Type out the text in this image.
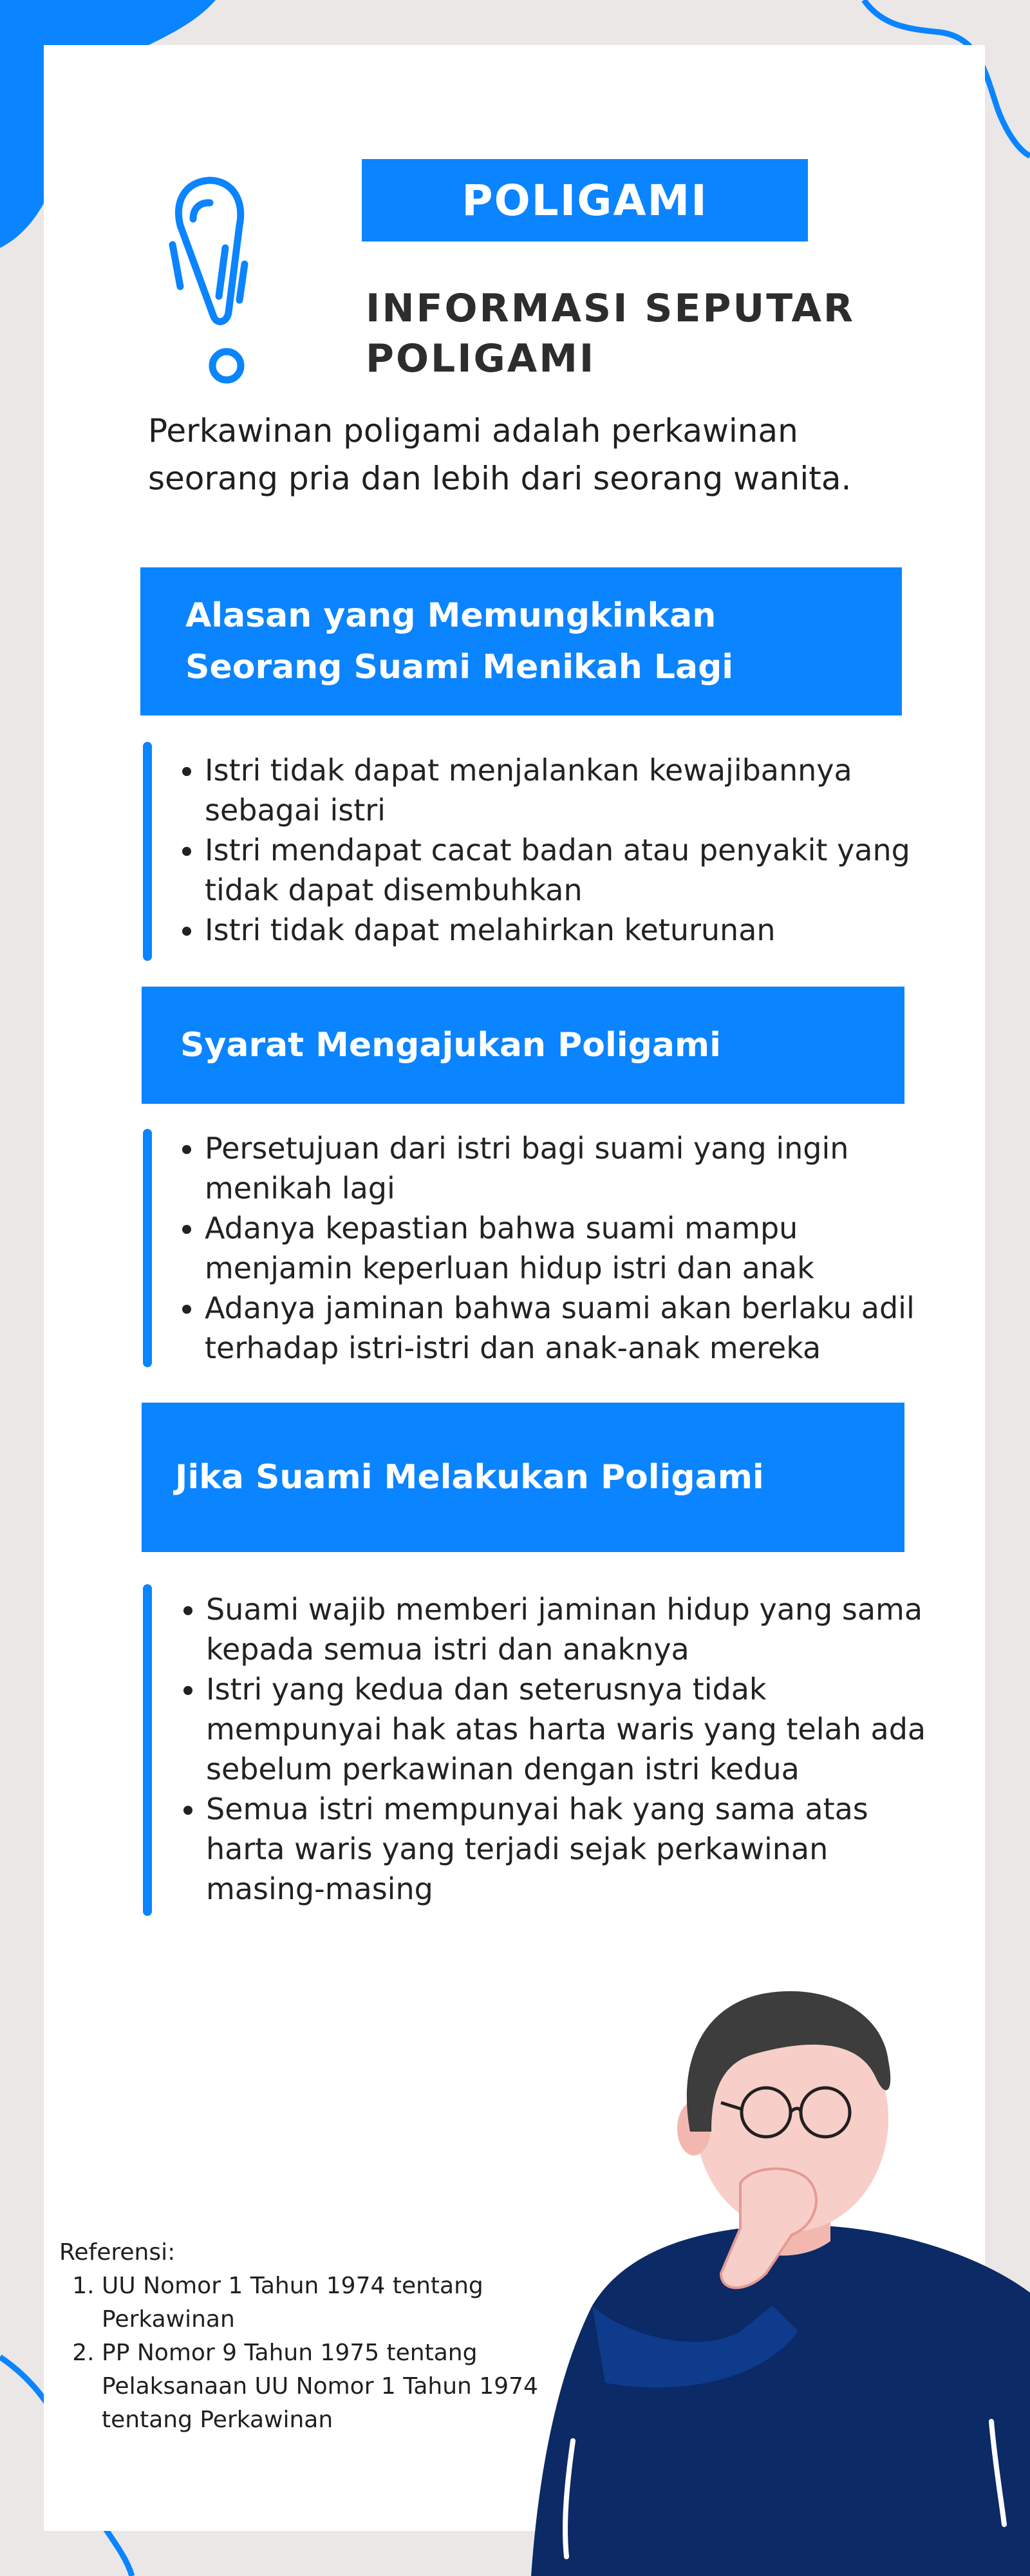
POLIGAMI
INFORMASI SEPUTAR POLIGAMI
Perkawinan poligami adalah perkawinan seorang pria dan lebih dari seorang wanita.
Alasan yang Memungkinkan Seorang Suami Menikah Lagi
• Istri tidak dapat menjalankan kewajibannya sebagai istri
• Istri mendapat cacat badan atau penyakit yang tidak dapat disembuhkan
• Istri tidak dapat melahirkan keturunan
Syarat Mengajukan Poligami
• Persetujuan dari istri bagi suami yang ingin menikah lagi
• Adanya kepastian bahwa suami mampu menjamin keperluan hidup istri dan anak
• Adanya jaminan bahwa suami akan berlaku adil terhadap istri-istri dan anak-anak mereka
Jika Suami Melakukan Poligami
• Suami wajib memberi jaminan hidup yang sama kepada semua istri dan anaknya
• Istri yang kedua dan seterusnya tidak mempunyai hak atas harta waris yang telah ada sebelum perkawinan dengan istri kedua
• Semua istri mempunyai hak yang sama atas harta waris yang terjadi sejak perkawinan masing-masing
Referensi:
1. UU Nomor 1 Tahun 1974 tentang Perkawinan
2. PP Nomor 9 Tahun 1975 tentang Pelaksanaan UU Nomor 1 Tahun 1974 tentang Perkawinan
